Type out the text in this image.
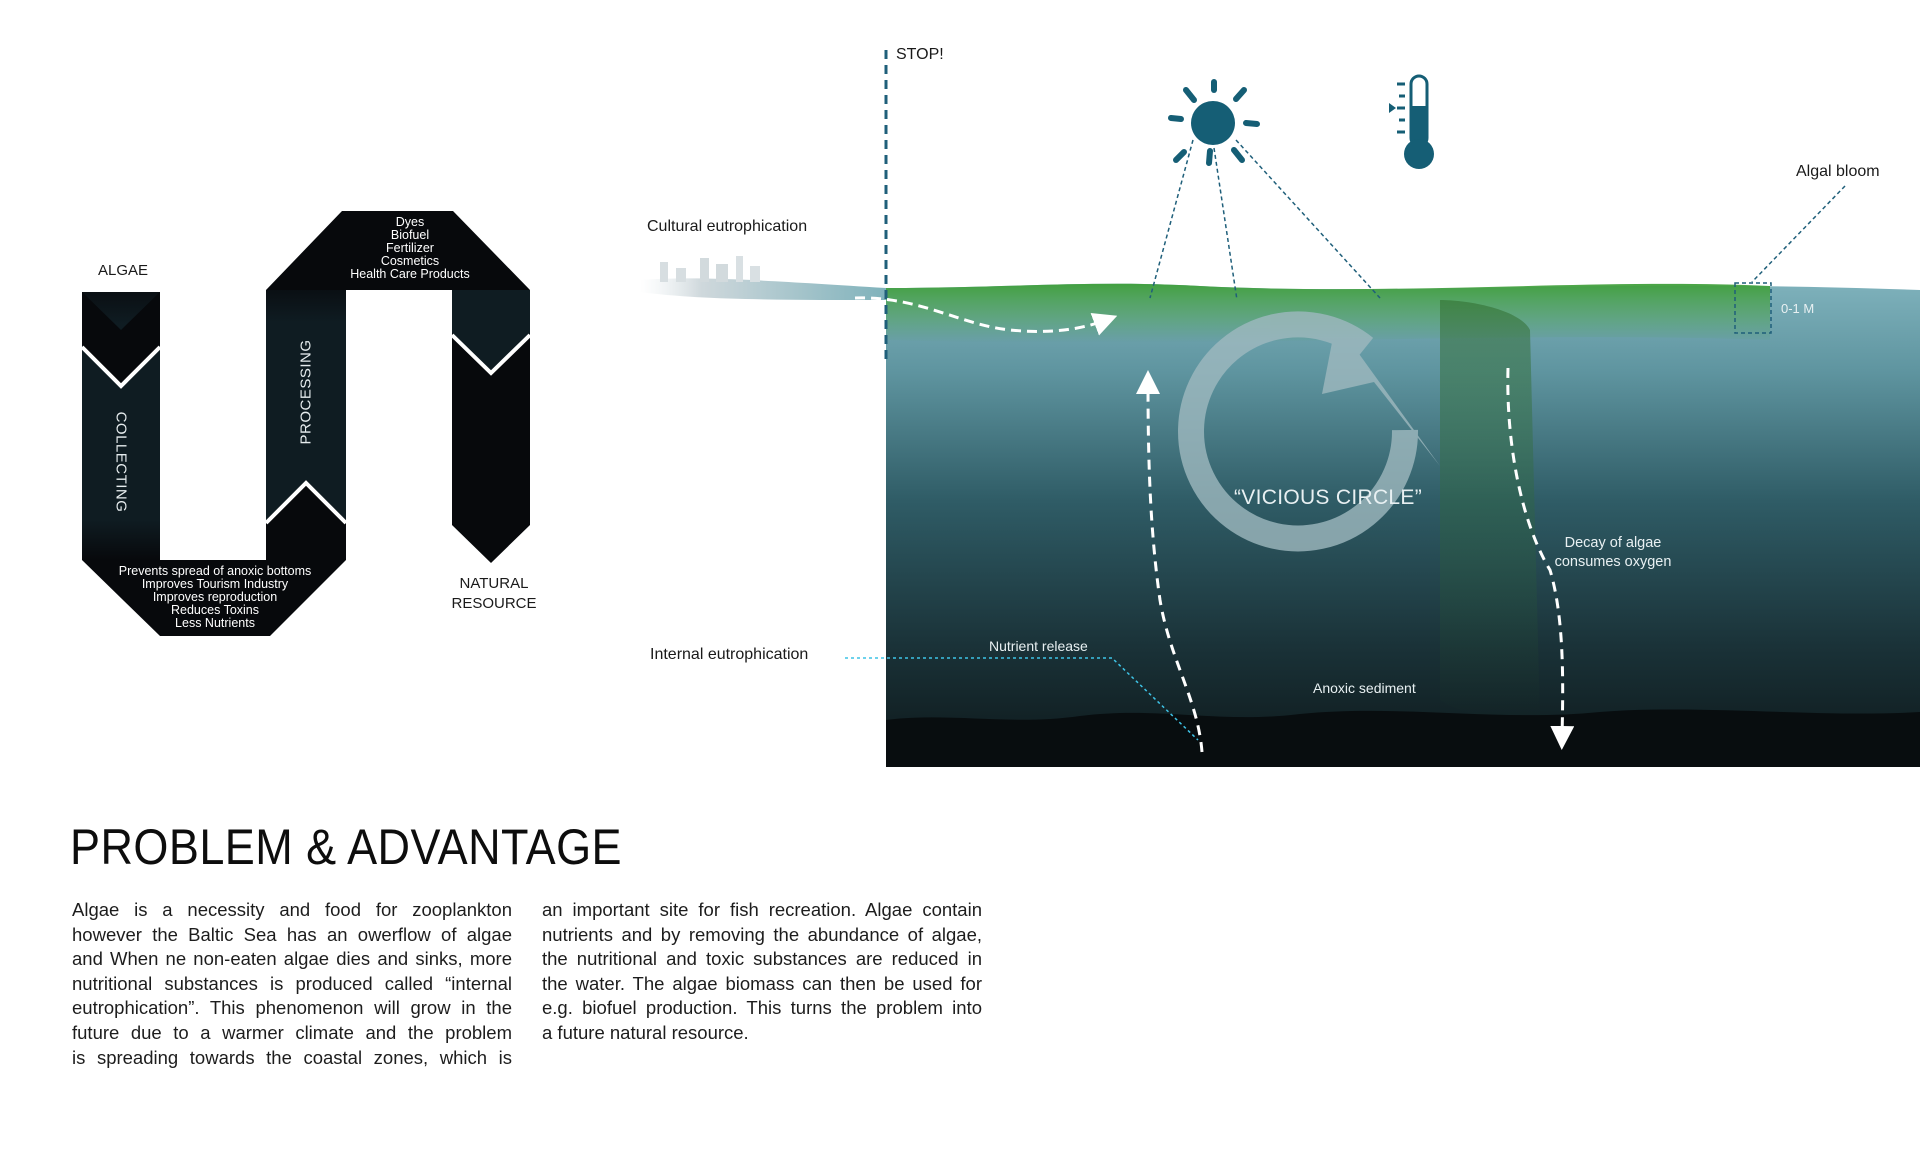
ALGAE
Dyes
Biofuel
Fertilizer
Cosmetics
Health Care Products
COLLECTING
PROCESSING
Prevents spread of anoxic bottoms
Improves Tourism Industry
Improves reproduction
Reduces Toxins
Less Nutrients
NATURAL
RESOURCE
STOP!
Cultural eutrophication
Algal bloom
0-1 M
“VICIOUS CIRCLE”
Decay of algae
consumes oxygen
Internal eutrophication	Nutrient release
Anoxic sediment
PROBLEM & ADVANTAGE
Algae is a necessity and food for zooplankton
however the Baltic Sea has an owerflow of algae
and When ne non-eaten algae dies and sinks, more
nutritional substances is produced called “internal
eutrophication”. This phenomenon will grow in the
future due to a warmer climate and the problem
is spreading towards the coastal zones, which is
an important site for fish recreation. Algae contain
nutrients and by removing the abundance of algae,
the nutritional and toxic substances are reduced in
the water. The algae biomass can then be used for
e.g. biofuel production. This turns the problem into
a future natural resource.
